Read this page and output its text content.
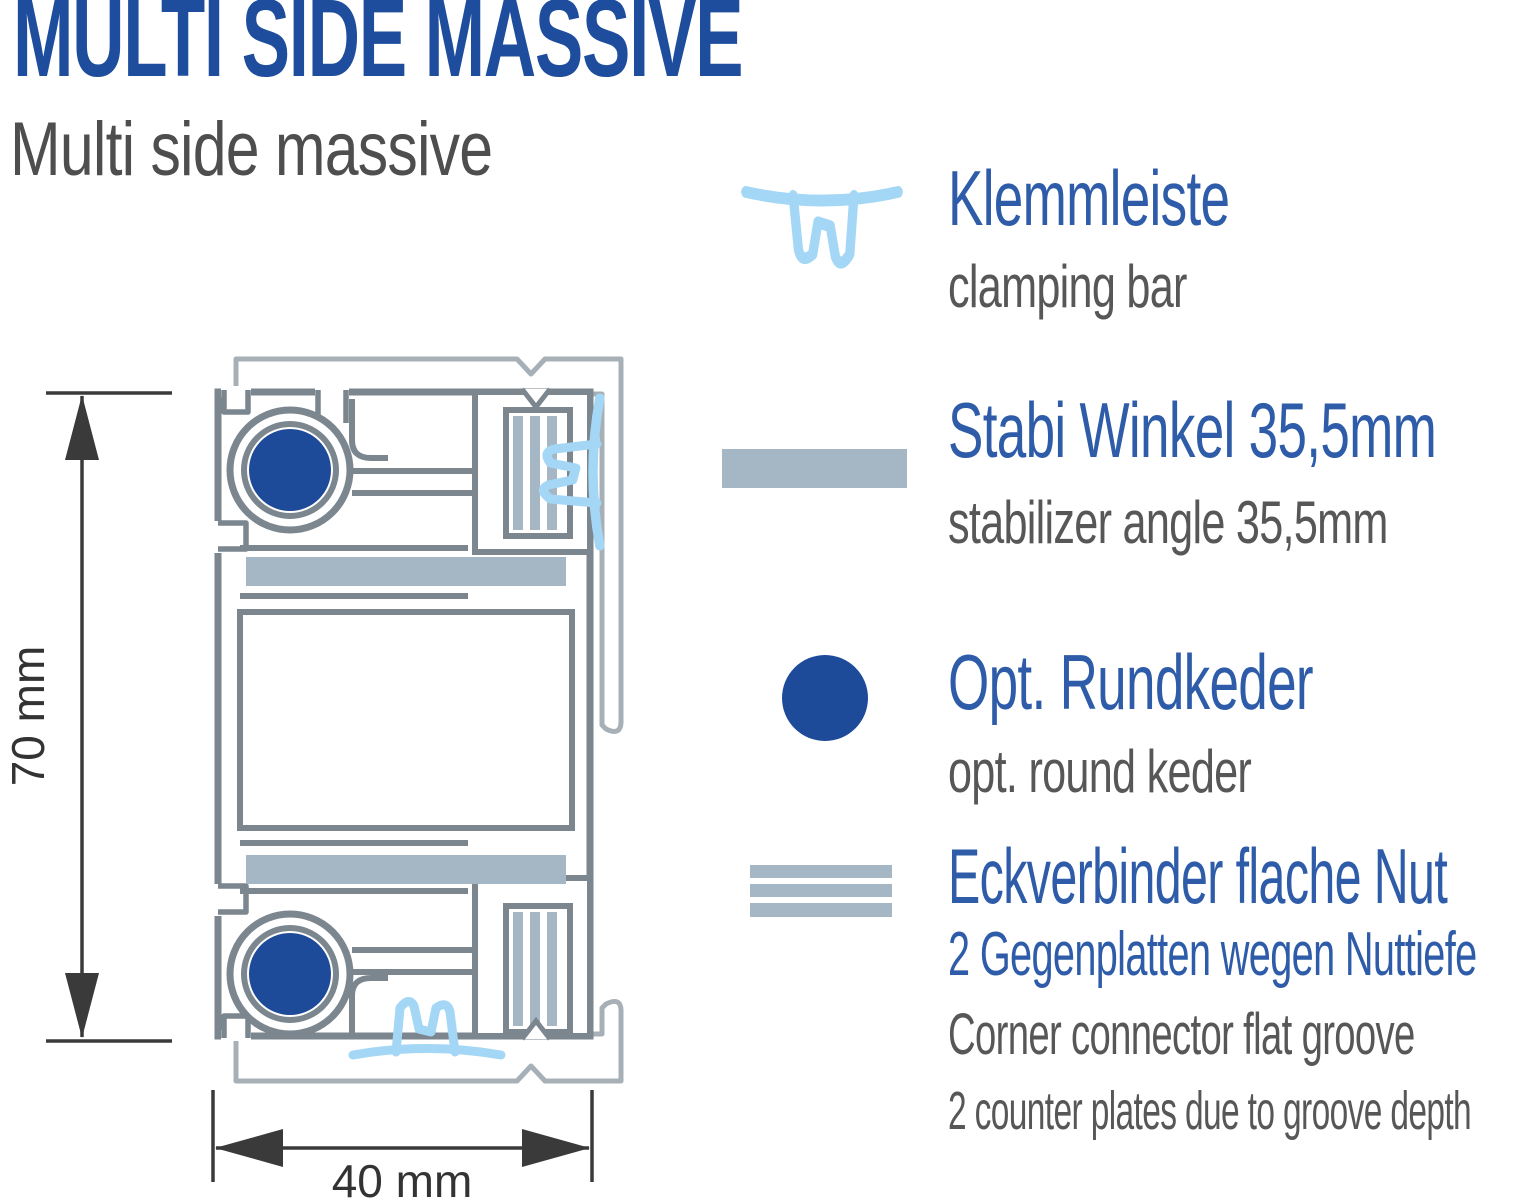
70 mm
40 mm
MULTI SIDE MASSIVE
Multi side massive
Klemmleiste
clamping bar
Stabi Winkel 35,5mm
stabilizer angle 35,5mm
Opt. Rundkeder
opt. round keder
Eckverbinder flache Nut
2 Gegenplatten wegen Nuttiefe
Corner connector flat groove
2 counter plates due to groove depth
